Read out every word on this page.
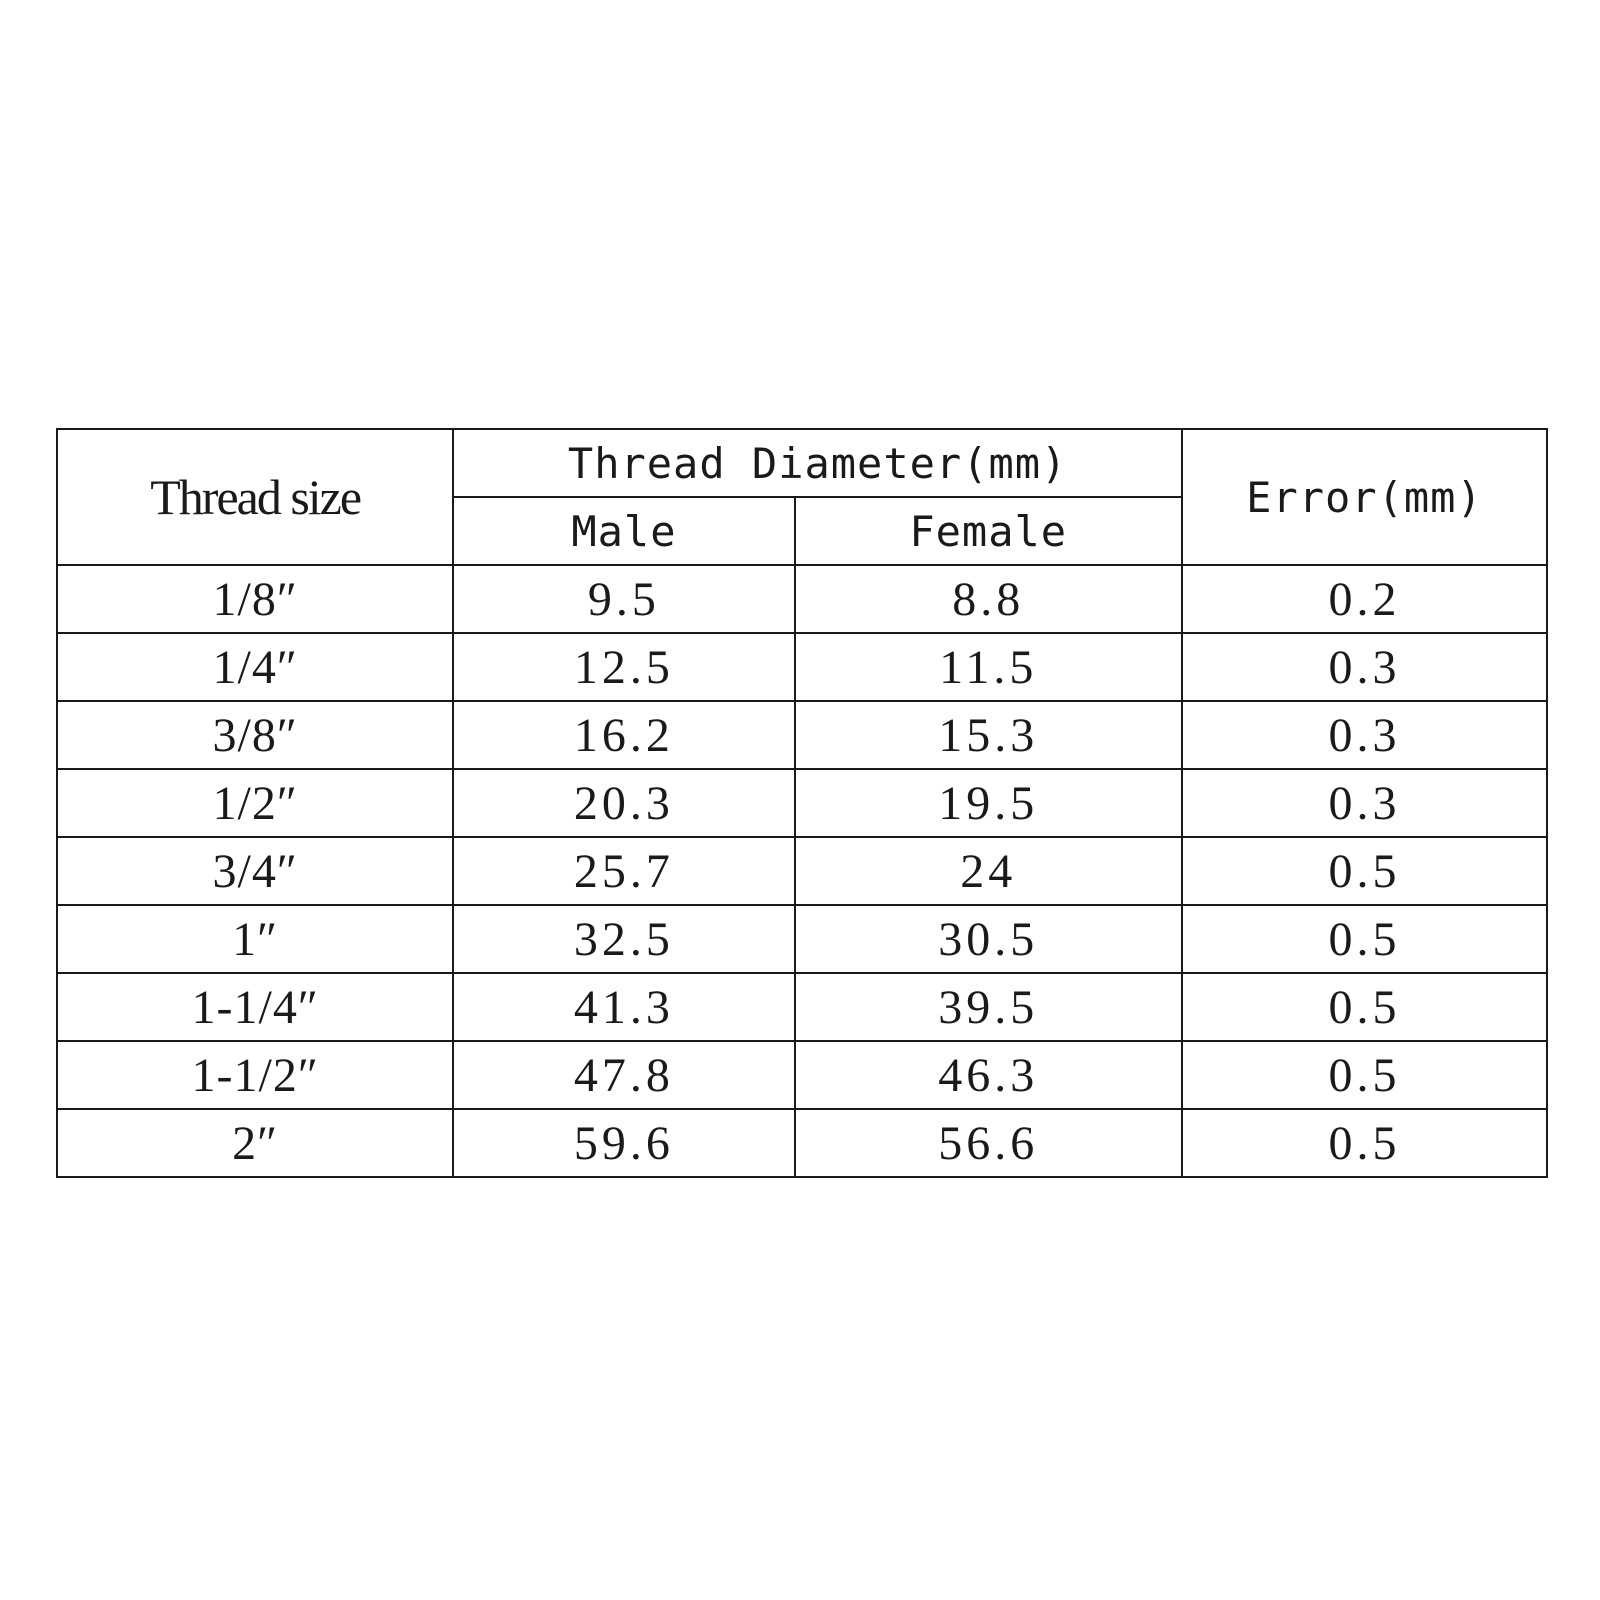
Thread size	Thread Diameter(mm)		Error(mm)
	Male	Female	
1/8″	9.5	8.8	0.2
1/4″	12.5	11.5	0.3
3/8″	16.2	15.3	0.3
1/2″	20.3	19.5	0.3
3/4″	25.7	24	0.5
1″	32.5	30.5	0.5
1-1/4″	41.3	39.5	0.5
1-1/2″	47.8	46.3	0.5
2″	59.6	56.6	0.5
